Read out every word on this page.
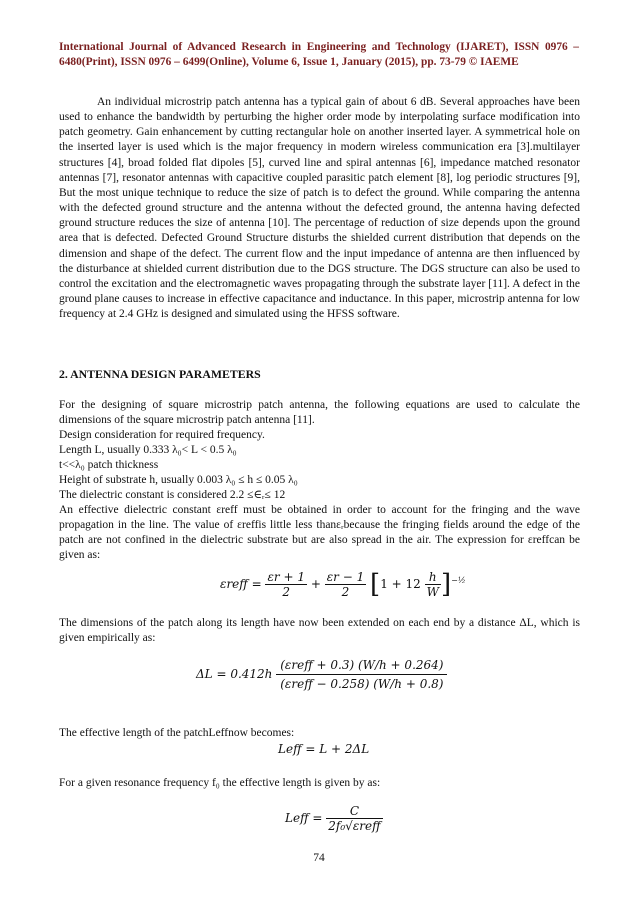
International Journal of Advanced Research in Engineering and Technology (IJARET), ISSN 0976 – 6480(Print), ISSN 0976 – 6499(Online), Volume 6, Issue 1, January (2015), pp. 73-79 © IAEME

An individual microstrip patch antenna has a typical gain of about 6 dB. Several approaches have been used to enhance the bandwidth by perturbing the higher order mode by interpolating surface modification into patch geometry. Gain enhancement by cutting rectangular hole on another inserted layer. A symmetrical hole on the inserted layer is used which is the major frequency in modern wireless communication era [3].multilayer structures [4], broad folded flat dipoles [5], curved line and spiral antennas [6], impedance matched resonator antennas [7], resonator antennas with capacitive coupled parasitic patch element [8], log periodic structures [9], But the most unique technique to reduce the size of patch is to defect the ground. While comparing the antenna with the defected ground structure and the antenna without the defected ground, the antenna having defected ground structure reduces the size of antenna [10]. The percentage of reduction of size depends upon the ground area that is defected. Defected Ground Structure disturbs the shielded current distribution that depends on the dimension and shape of the defect. The current flow and the input impedance of antenna are then influenced by the disturbance at shielded current distribution due to the DGS structure. The DGS structure can also be used to control the excitation and the electromagnetic waves propagating through the substrate layer [11]. A defect in the ground plane causes to increase in effective capacitance and inductance. In this paper, microstrip antenna for low frequency at 2.4 GHz is designed and simulated using the HFSS software.

2. ANTENNA DESIGN PARAMETERS

For the designing of square microstrip patch antenna, the following equations are used to calculate the dimensions of the square microstrip patch antenna [11].

Design consideration for required frequency.
Length L, usually 0.333 λ₀< L < 0.5 λ₀
t<<λ₀ patch thickness
Height of substrate h, usually 0.003 λ₀ ≤ h ≤ 0.05 λ₀
The dielectric constant is considered 2.2 ≤∈ᵣ≤ 12

An effective dielectric constant εreff must be obtained in order to account for the fringing and the wave propagation in the line. The value of εreffis little less thanεᵣbecause the fringing fields around the edge of the patch are not confined in the dielectric substrate but are also spread in the air. The expression for εreffcan be given as:

εreff = $\frac{\varepsilon r + 1}{2} + \frac{\varepsilon r - 1}{2} [1 + 12 \frac{h}{W} ]^{-\frac{1}{2}}$

The dimensions of the patch along its length have now been extended on each end by a distance ΔL, which is given empirically as:

$\Delta L = 0.412h \frac{\text{(εreff + 0.3) (W/h + 0.264)}}{\text{(εreff − 0.258) (W/h + 0.8)}}$
The effective length of the patchLeffnow becomes:
Leff = L + 2ΔL
For a given resonance frequency f₀ the effective length is given by as:
Leff = $\frac{C}{\text{2f₀√εreff}}$
74
